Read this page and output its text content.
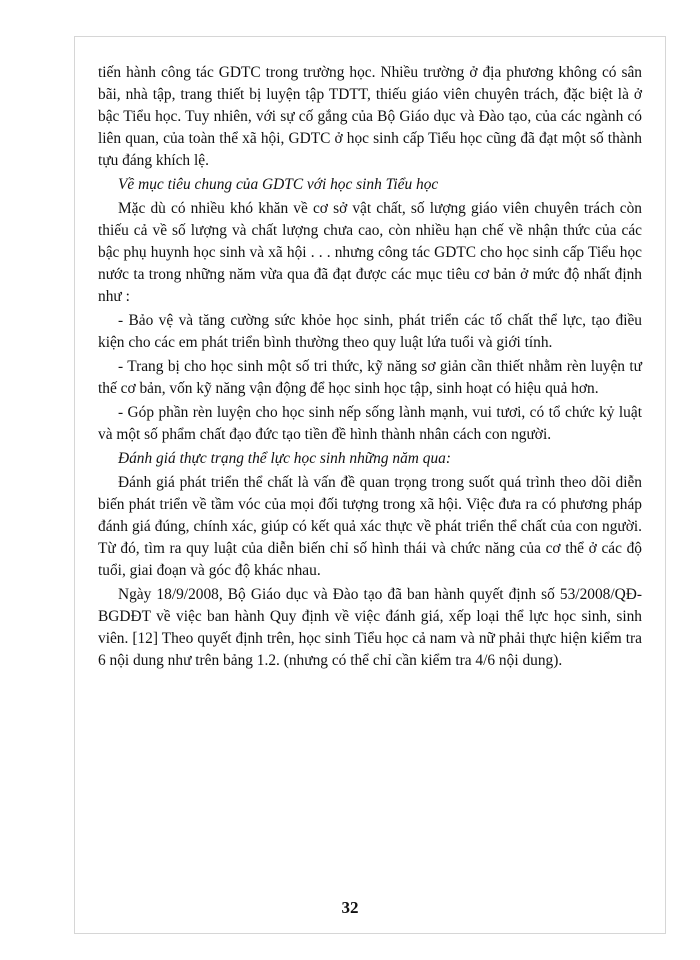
tiến hành công tác GDTC trong trường học. Nhiều trường ở địa phương không có sân bãi, nhà tập, trang thiết bị luyện tập TDTT, thiếu giáo viên chuyên trách, đặc biệt là ở bậc Tiểu học. Tuy nhiên, với sự cố gắng của Bộ Giáo dục và Đào tạo, của các ngành có liên quan, của toàn thể xã hội, GDTC ở học sinh cấp Tiểu học cũng đã đạt một số thành tựu đáng khích lệ.

Về mục tiêu chung của GDTC với học sinh Tiểu học

Mặc dù có nhiều khó khăn về cơ sở vật chất, số lượng giáo viên chuyên trách còn thiếu cả về số lượng và chất lượng chưa cao, còn nhiều hạn chế về nhận thức của các bậc phụ huynh học sinh và xã hội . . . nhưng công tác GDTC cho học sinh cấp Tiểu học nước ta trong những năm vừa qua đã đạt được các mục tiêu cơ bản ở mức độ nhất định như :

- Bảo vệ và tăng cường sức khỏe học sinh, phát triển các tố chất thể lực, tạo điều kiện cho các em phát triển bình thường theo quy luật lứa tuổi và giới tính.

- Trang bị cho học sinh một số tri thức, kỹ năng sơ giản cần thiết nhằm rèn luyện tư thế cơ bản, vốn kỹ năng vận động để học sinh học tập, sinh hoạt có hiệu quả hơn.

- Góp phần rèn luyện cho học sinh nếp sống lành mạnh, vui tươi, có tổ chức kỷ luật và một số phẩm chất đạo đức tạo tiền đề hình thành nhân cách con người.

Đánh giá thực trạng thể lực học sinh những năm qua:

Đánh giá phát triển thể chất là vấn đề quan trọng trong suốt quá trình theo dõi diễn biến phát triển về tầm vóc của mọi đối tượng trong xã hội. Việc đưa ra có phương pháp đánh giá đúng, chính xác, giúp có kết quả xác thực về phát triển thể chất của con người. Từ đó, tìm ra quy luật của diễn biến chỉ số hình thái và chức năng của cơ thể ở các độ tuổi, giai đoạn và góc độ khác nhau.

Ngày 18/9/2008, Bộ Giáo dục và Đào tạo đã ban hành quyết định số 53/2008/QĐ-BGDĐT về việc ban hành Quy định về việc đánh giá, xếp loại thể lực học sinh, sinh viên. [12] Theo quyết định trên, học sinh Tiểu học cả nam và nữ phải thực hiện kiểm tra 6 nội dung như trên bảng 1.2. (nhưng có thể chỉ cần kiểm tra 4/6 nội dung).

32
